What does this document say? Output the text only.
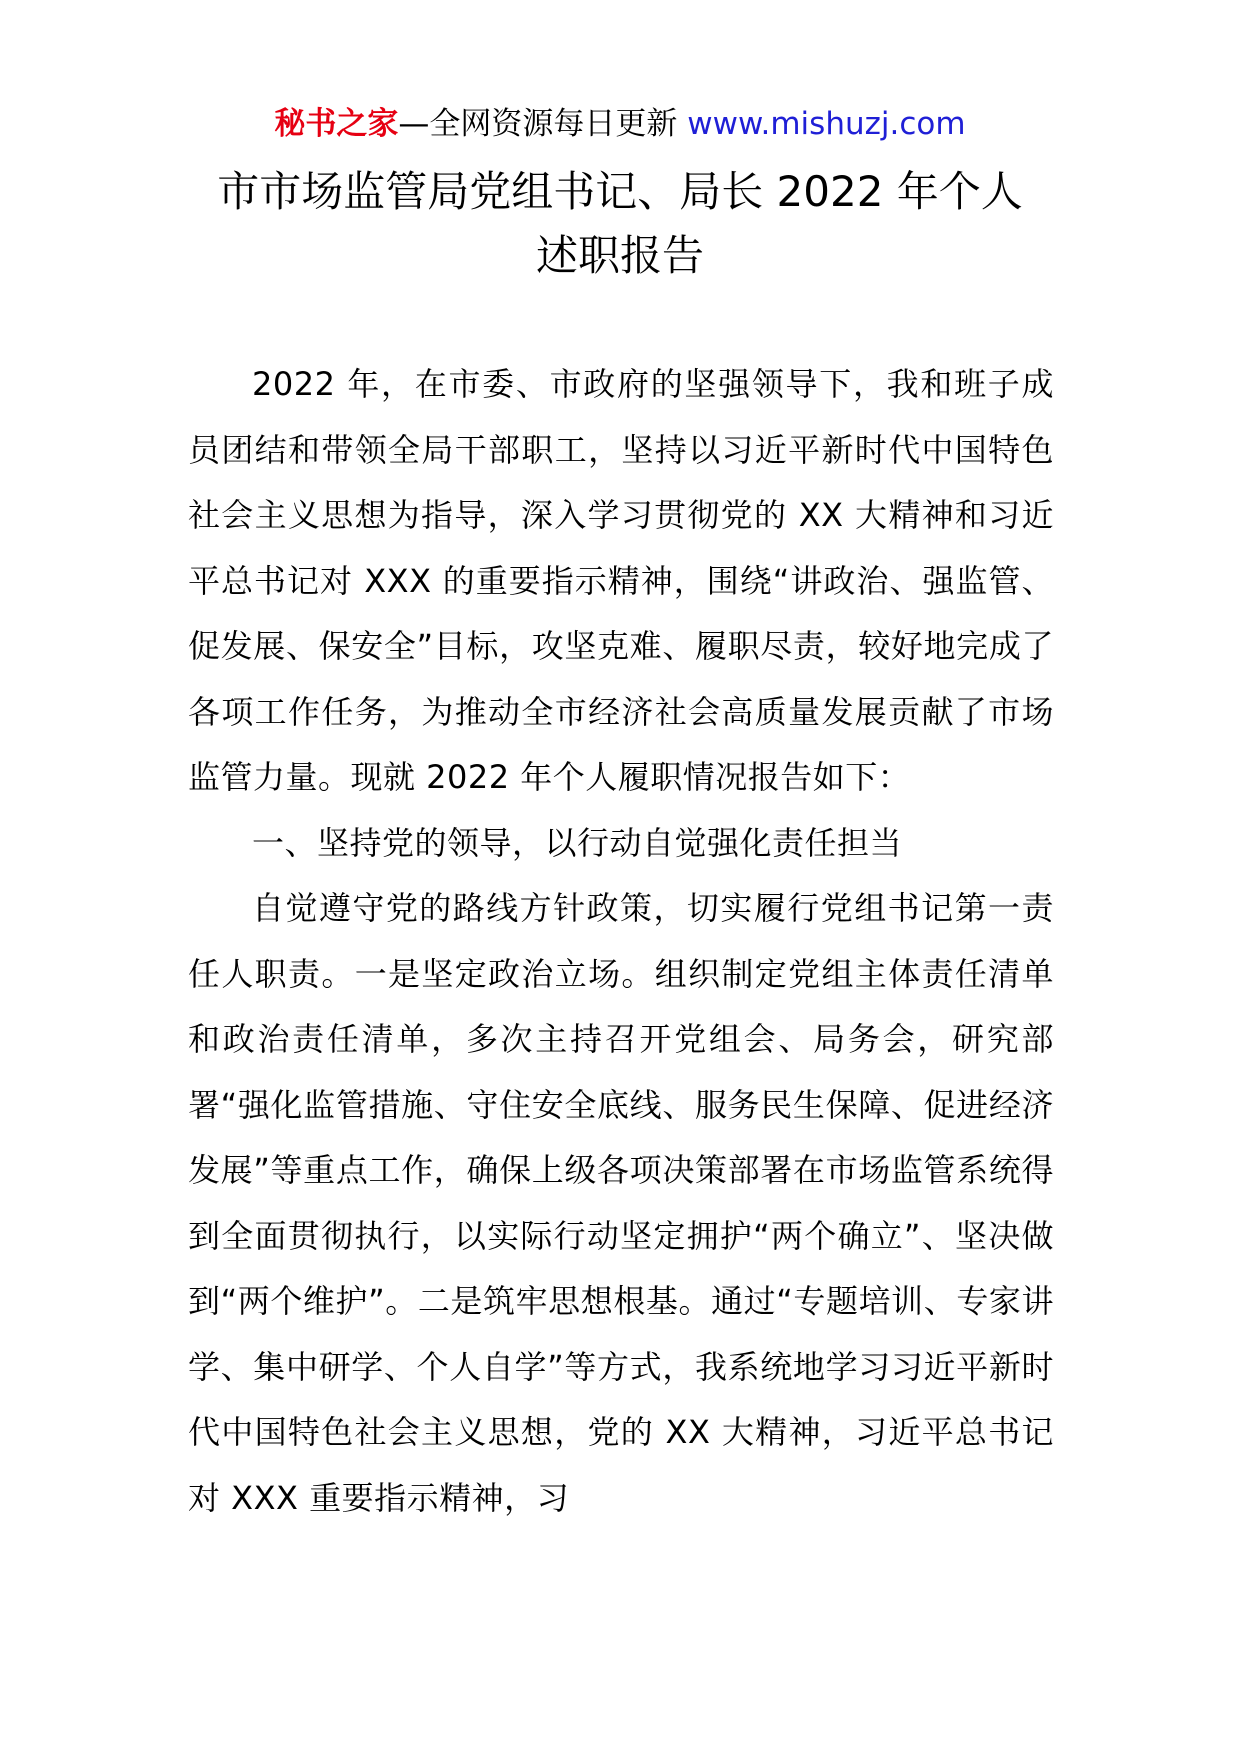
秘书之家—全网资源每日更新 www.mishuzj.com
市市场监管局党组书记、局长 2022 年个人
述职报告

2022 年，在市委、市政府的坚强领导下，我和班子成员团结和带领全局干部职工，坚持以习近平新时代中国特色社会主义思想为指导，深入学习贯彻党的 XX 大精神和习近平总书记对 XXX 的重要指示精神，围绕“讲政治、强监管、促发展、保安全”目标，攻坚克难、履职尽责，较好地完成了各项工作任务，为推动全市经济社会高质量发展贡献了市场监管力量。现就 2022 年个人履职情况报告如下：

一、坚持党的领导，以行动自觉强化责任担当

自觉遵守党的路线方针政策，切实履行党组书记第一责任人职责。一是坚定政治立场。组织制定党组主体责任清单和政治责任清单，多次主持召开党组会、局务会，研究部署“强化监管措施、守住安全底线、服务民生保障、促进经济发展”等重点工作，确保上级各项决策部署在市场监管系统得到全面贯彻执行，以实际行动坚定拥护“两个确立”、坚决做到“两个维护”。二是筑牢思想根基。通过“专题培训、专家讲学、集中研学、个人自学”等方式，我系统地学习习近平新时代中国特色社会主义思想，党的 XX 大精神，习近平总书记对 XXX 重要指示精神，习
